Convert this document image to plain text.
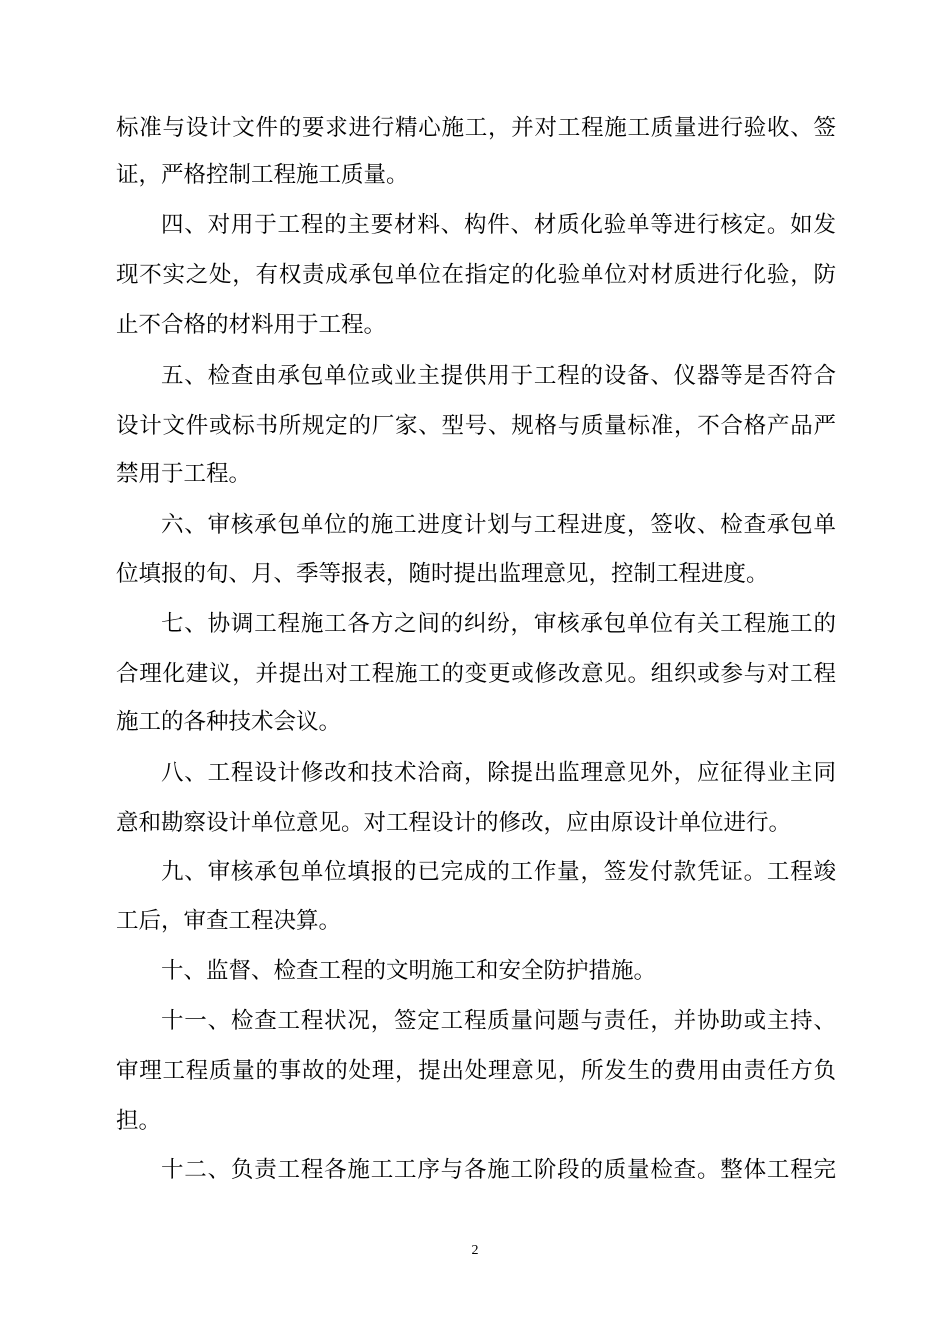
标准与设计文件的要求进行精心施工，并对工程施工质量进行验收、签
证，严格控制工程施工质量。
四、对用于工程的主要材料、构件、材质化验单等进行核定。如发
现不实之处，有权责成承包单位在指定的化验单位对材质进行化验，防
止不合格的材料用于工程。
五、检查由承包单位或业主提供用于工程的设备、仪器等是否符合
设计文件或标书所规定的厂家、型号、规格与质量标准，不合格产品严
禁用于工程。
六、审核承包单位的施工进度计划与工程进度，签收、检查承包单
位填报的旬、月、季等报表，随时提出监理意见，控制工程进度。
七、协调工程施工各方之间的纠纷，审核承包单位有关工程施工的
合理化建议，并提出对工程施工的变更或修改意见。组织或参与对工程
施工的各种技术会议。
八、工程设计修改和技术洽商，除提出监理意见外，应征得业主同
意和勘察设计单位意见。对工程设计的修改，应由原设计单位进行。
九、审核承包单位填报的已完成的工作量，签发付款凭证。工程竣
工后，审查工程决算。
十、监督、检查工程的文明施工和安全防护措施。
十一、检查工程状况，签定工程质量问题与责任，并协助或主持、
审理工程质量的事故的处理，提出处理意见，所发生的费用由责任方负
担。
十二、负责工程各施工工序与各施工阶段的质量检查。整体工程完
2
